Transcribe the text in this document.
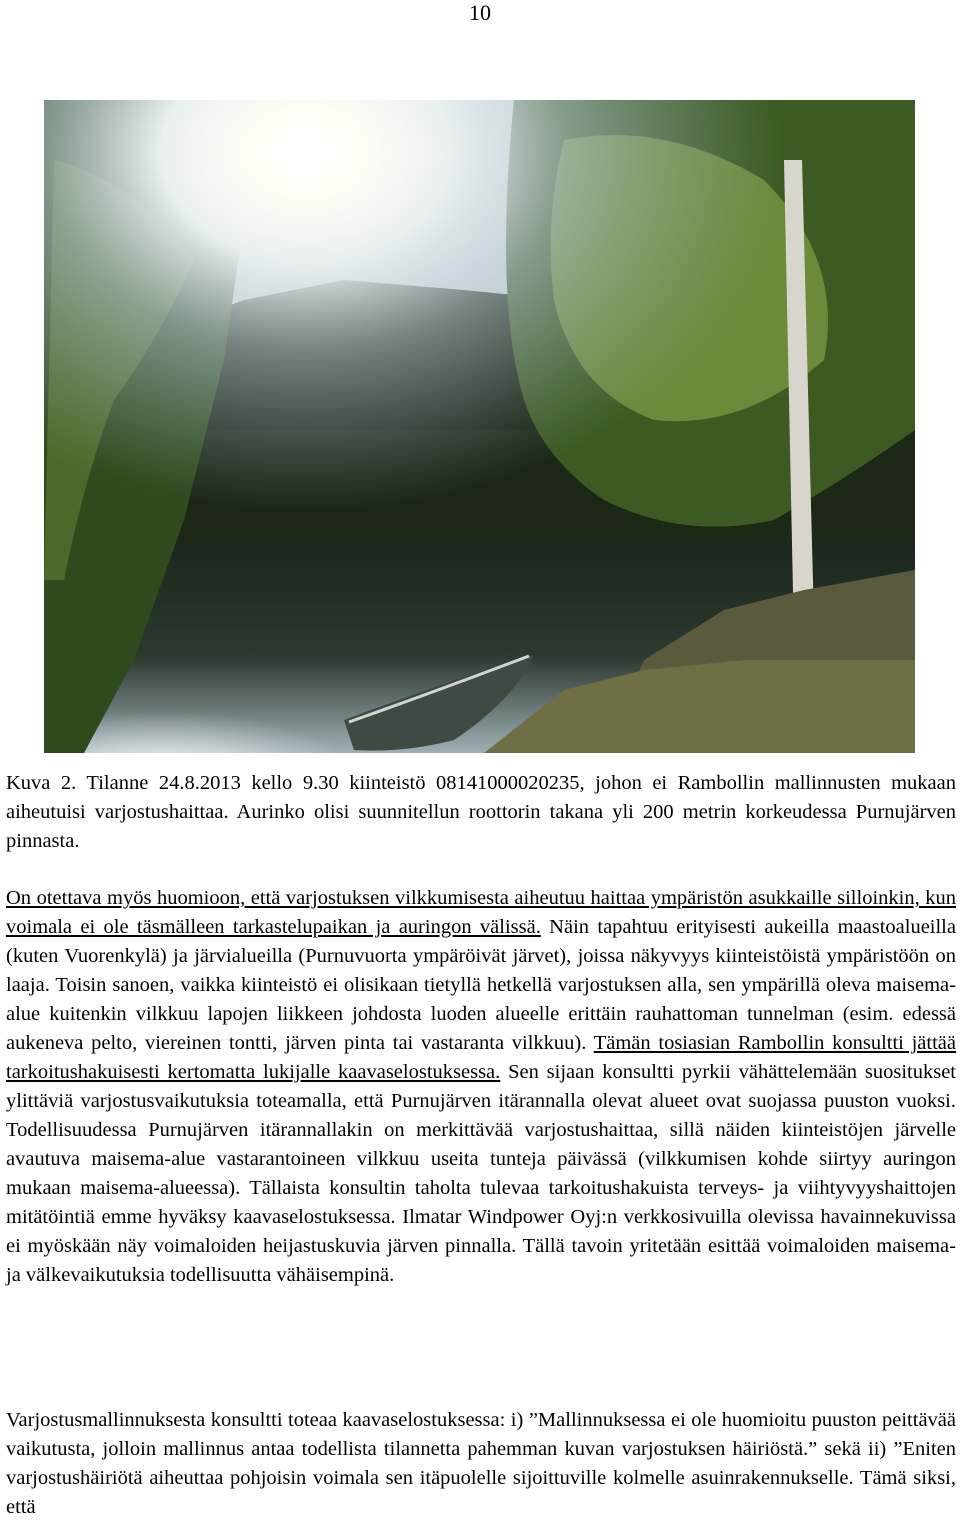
10
Kuva 2. Tilanne 24.8.2013 kello 9.30 kiinteistö 08141000020235, johon ei Rambollin mallinnusten mukaan aiheutuisi varjostushaittaa. Aurinko olisi suunnitellun roottorin takana yli 200 metrin korkeudessa Purnujärven pinnasta.

On otettava myös huomioon, että varjostuksen vilkkumisesta aiheutuu haittaa ympäristön asukkaille silloinkin, kun voimala ei ole täsmälleen tarkastelupaikan ja auringon välissä. Näin tapahtuu erityisesti aukeilla maastoalueilla (kuten Vuorenkylä) ja järvialueilla (Purnuvuorta ympäröivät järvet), joissa näkyvyys kiinteistöistä ympäristöön on laaja. Toisin sanoen, vaikka kiinteistö ei olisikaan tietyllä hetkellä varjostuksen alla, sen ympärillä oleva maisema-alue kuitenkin vilkkuu lapojen liikkeen johdosta luoden alueelle erittäin rauhattoman tunnelman (esim. edessä aukeneva pelto, viereinen tontti, järven pinta tai vastaranta vilkkuu). Tämän tosiasian Rambollin konsultti jättää tarkoitushakuisesti kertomatta lukijalle kaavaselostuksessa. Sen sijaan konsultti pyrkii vähättelemään suositukset ylittäviä varjostusvaikutuksia toteamalla, että Purnujärven itärannalla olevat alueet ovat suojassa puuston vuoksi. Todellisuudessa Purnujärven itärannallakin on merkittävää varjostushaittaa, sillä näiden kiinteistöjen järvelle avautuva maisema-alue vastarantoineen vilkkuu useita tunteja päivässä (vilkkumisen kohde siirtyy auringon mukaan maisema-alueessa). Tällaista konsultin taholta tulevaa tarkoitushakuista terveys- ja viihtyvyyshaittojen mitätöintiä emme hyväksy kaavaselostuksessa. Ilmatar Windpower Oyj:n verkkosivuilla olevissa havainnekuvissa ei myöskään näy voimaloiden heijastuskuvia järven pinnalla. Tällä tavoin yritetään esittää voimaloiden maisema- ja välkevaikutuksia todellisuutta vähäisempinä.

Varjostusmallinnuksesta konsultti toteaa kaavaselostuksessa: i) ”Mallinnuksessa ei ole huomioitu puuston peittävää vaikutusta, jolloin mallinnus antaa todellista tilannetta pahemman kuvan varjostuksen häiriöstä.” sekä ii) ”Eniten varjostushäiriötä aiheuttaa pohjoisin voimala sen itäpuolelle sijoittuville kolmelle asuinrakennukselle. Tämä siksi, että
